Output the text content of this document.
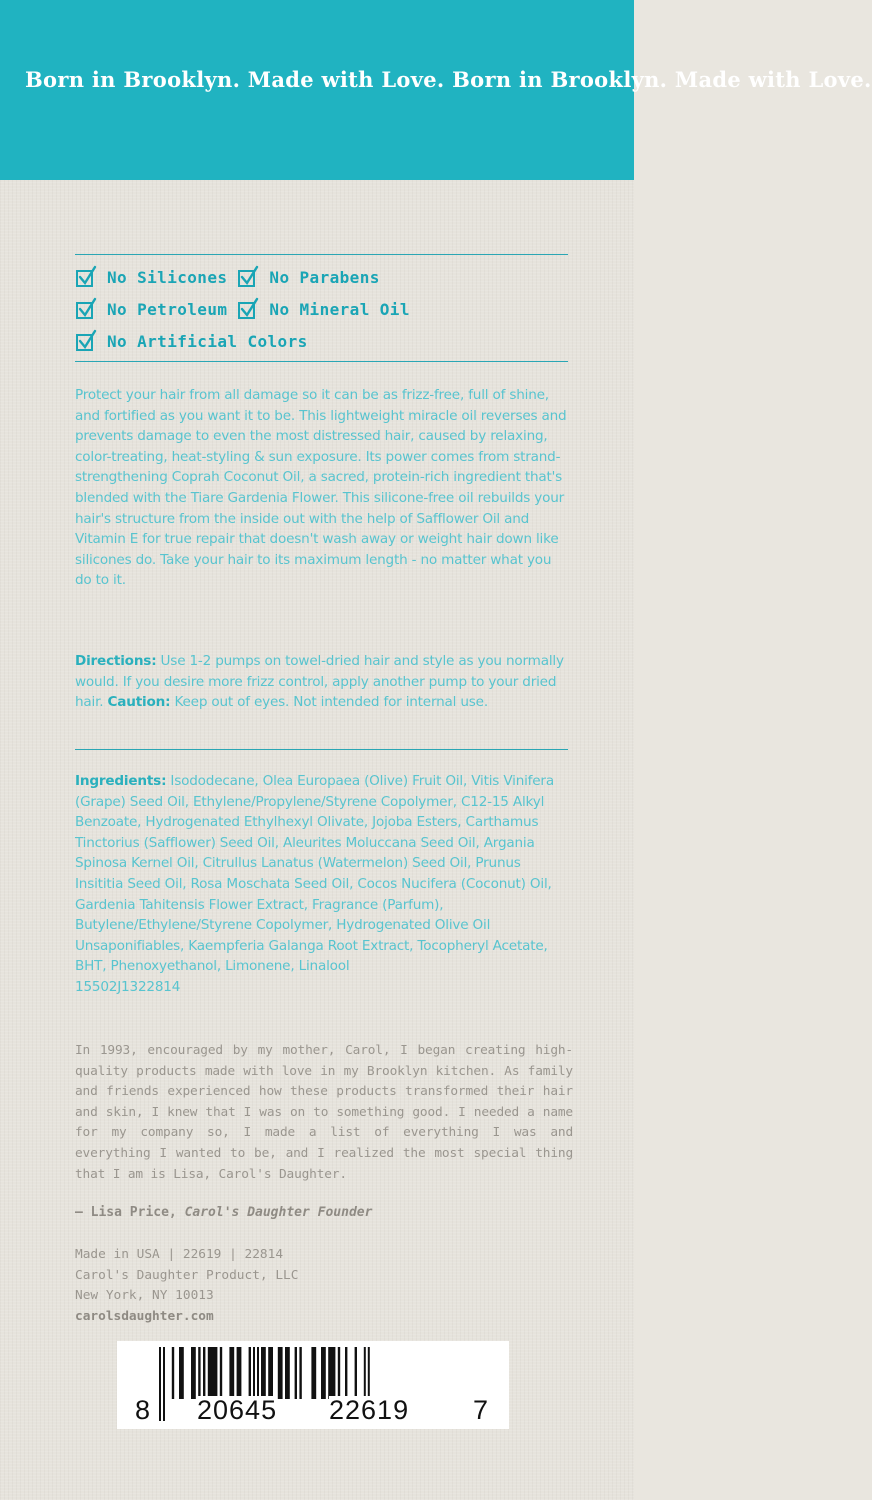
Born in Brooklyn. Made with Love. Born in Brooklyn. Made with Love.
No Silicones	No Parabens
No Petroleum	No Mineral Oil
No Artificial Colors
Protect your hair from all damage so it can be as frizz-free, full of shine, and fortified as you want it to be. This lightweight miracle oil reverses and prevents damage to even the most distressed hair, caused by relaxing, color-treating, heat-styling & sun exposure. Its power comes from strand-strengthening Coprah Coconut Oil, a sacred, protein-rich ingredient that's blended with the Tiare Gardenia Flower. This silicone-free oil rebuilds your hair's structure from the inside out with the help of Safflower Oil and Vitamin E for true repair that doesn't wash away or weight hair down like silicones do. Take your hair to its maximum length - no matter what you do to it.
Directions: Use 1-2 pumps on towel-dried hair and style as you normally would. If you desire more frizz control, apply another pump to your dried hair. Caution: Keep out of eyes. Not intended for internal use.
Ingredients: Isododecane, Olea Europaea (Olive) Fruit Oil, Vitis Vinifera (Grape) Seed Oil, Ethylene/Propylene/Styrene Copolymer, C12-15 Alkyl Benzoate, Hydrogenated Ethylhexyl Olivate, Jojoba Esters, Carthamus Tinctorius (Safflower) Seed Oil, Aleurites Moluccana Seed Oil, Argania Spinosa Kernel Oil, Citrullus Lanatus (Watermelon) Seed Oil, Prunus Insititia Seed Oil, Rosa Moschata Seed Oil, Cocos Nucifera (Coconut) Oil, Gardenia Tahitensis Flower Extract, Fragrance (Parfum), Butylene/Ethylene/Styrene Copolymer, Hydrogenated Olive Oil Unsaponifiables, Kaempferia Galanga Root Extract, Tocopheryl Acetate, BHT, Phenoxyethanol, Limonene, Linalool
15502J1322814
In 1993, encouraged by my mother, Carol, I began creating high-quality products made with love in my Brooklyn kitchen. As family and friends experienced how these products transformed their hair and skin, I knew that I was on to something good. I needed a name for my company so, I made a list of everything I was and everything I wanted to be, and I realized the most special thing that I am is Lisa, Carol's Daughter.
— Lisa Price, Carol's Daughter Founder
Made in USA | 22619 | 22814
Carol's Daughter Product, LLC
New York, NY 10013
carolsdaughter.com
8 20645 22619 7
